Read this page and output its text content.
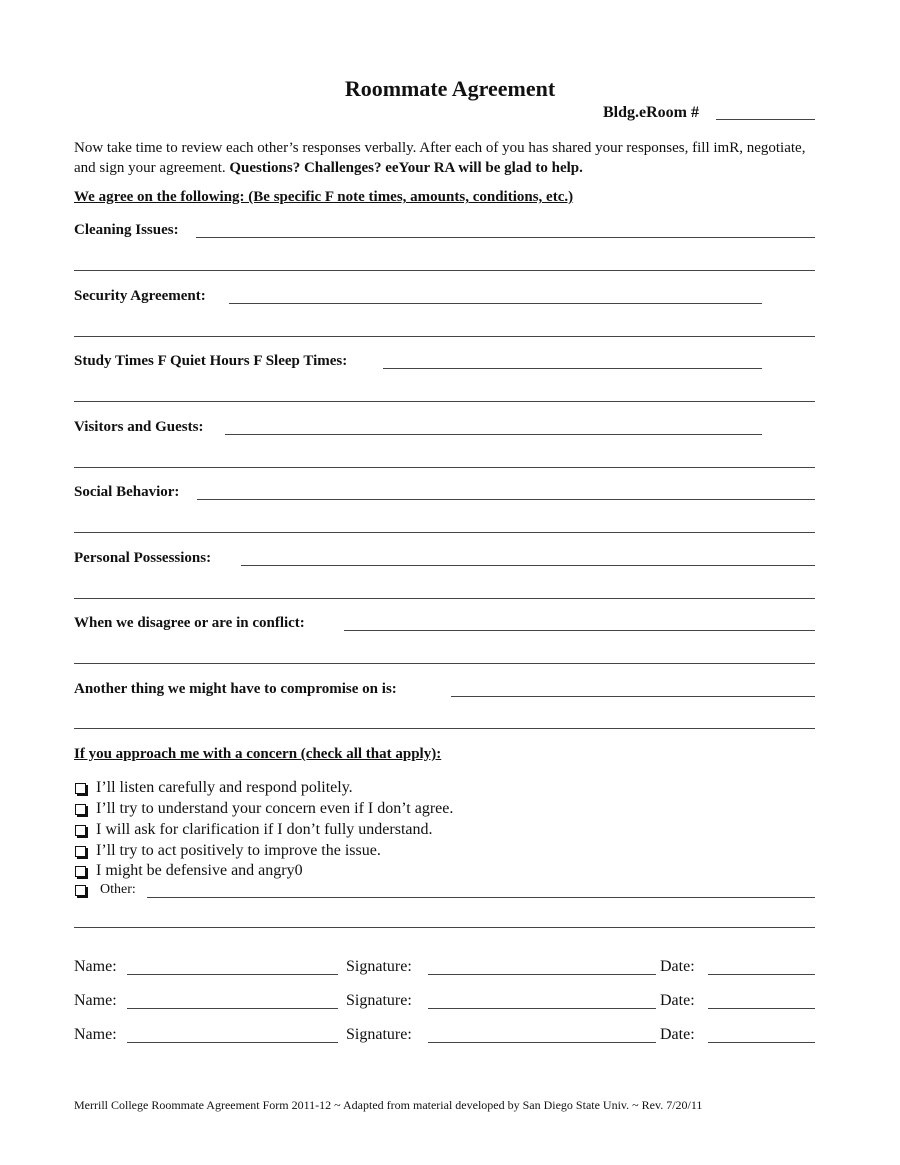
Roommate Agreement
Bldg.eRoom #
Now take time to review each other’s responses verbally. After each of you has shared your responses, fill imR, negotiate, and sign your agreement. Questions? Challenges? eeYour RA will be glad to help.
We agree on the following: (Be specific F note times, amounts, conditions, etc.)
Cleaning Issues:
Security Agreement:
Study Times F Quiet Hours F Sleep Times:
Visitors and Guests:
Social Behavior:
Personal Possessions:
When we disagree or are in conflict:
Another thing we might have to compromise on is:
If you approach me with a concern (check all that apply):
I’ll listen carefully and respond politely.
I’ll try to understand your concern even if I don’t agree.
I will ask for clarification if I don’t fully understand.
I’ll try to act positively to improve the issue.
I might be defensive and angry0
Other:
Name:	Signature:	Date:
Name:	Signature:	Date:
Name:	Signature:	Date:
Merrill College Roommate Agreement Form 2011-12 ~ Adapted from material developed by San Diego State Univ. ~ Rev. 7/20/11
